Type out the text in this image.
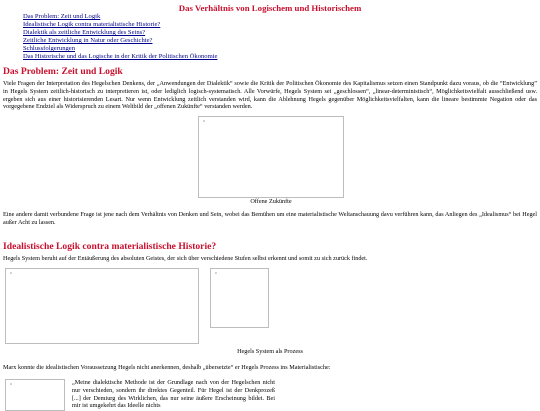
Das Verhältnis von Logischem und Historischem
Das Problem: Zeit und Logik
Idealistische Logik contra materialistische Historie?
Dialektik als zeitliche Entwicklung des Seins?
Zeitliche Entwicklung in Natur oder Geschichte?
Schlussfolgerungen
Das Historische und das Logische in der Kritik der Politischen Ökonomie
Das Problem: Zeit und Logik

Viele Fragen der Interpretation des Hegelschen Denkens, der „Anwendungen der Dialektik“ sowie die Kritik der Politischen Ökonomie des Kapitalismus setzen einen Standpunkt dazu voraus, ob die “Entwicklung” in Hegels System zeitlich-historisch zu interpretieren ist, oder lediglich logisch-systematisch. Alle Vorwürfe, Hegels System sei „geschlossen“, „linear-deterministisch“, Möglichkeitsvielfalt ausschließend usw. ergeben sich aus einer historisierenden Lesart. Nur wenn Entwicklung zeitlich verstanden wird, kann die Ablehnung Hegels gegenüber Möglichkeitsvielfalten, kann die lineare bestimmte Negation oder das vorgegebene Endziel als Widerspruch zu einem Weltbild der „offenen Zukünfte“ verstanden werden.

▫
Offene Zukünfte

Eine andere damit verbundene Frage ist jene nach dem Verhältnis von Denken und Sein, wobei das Bemühen um eine materialistische Weltanschauung davu verführen kann, das Anliegen des „Idealismus“ bei Hegel außer Acht zu lassen.

Idealistische Logik contra materialistische Historie?

Hegels System beruht auf der Entäußerung des absoluten Geistes, der sich über verschiedene Stufen selbst erkennt und somit zu sich zurück findet.

▫	▫
Hegels System als Prozess

Marx konnte die idealistischen Voraussetzung Hegels nicht anerkennen, deshalb „übersetzte“ er Hegels Prozess ins Materialistische:

▫	„Meine dialektische Methode ist der Grundlage nach von der Hegelschen nicht nur verschieden, sondern ihr direktes Gegenteil. Für Hegel ist der Denkprozeß [...] der Demiurg des Wirklichen, das nur seine äußere Erscheinung bildet. Bei mir ist umgekehrt das Ideelle nichts
